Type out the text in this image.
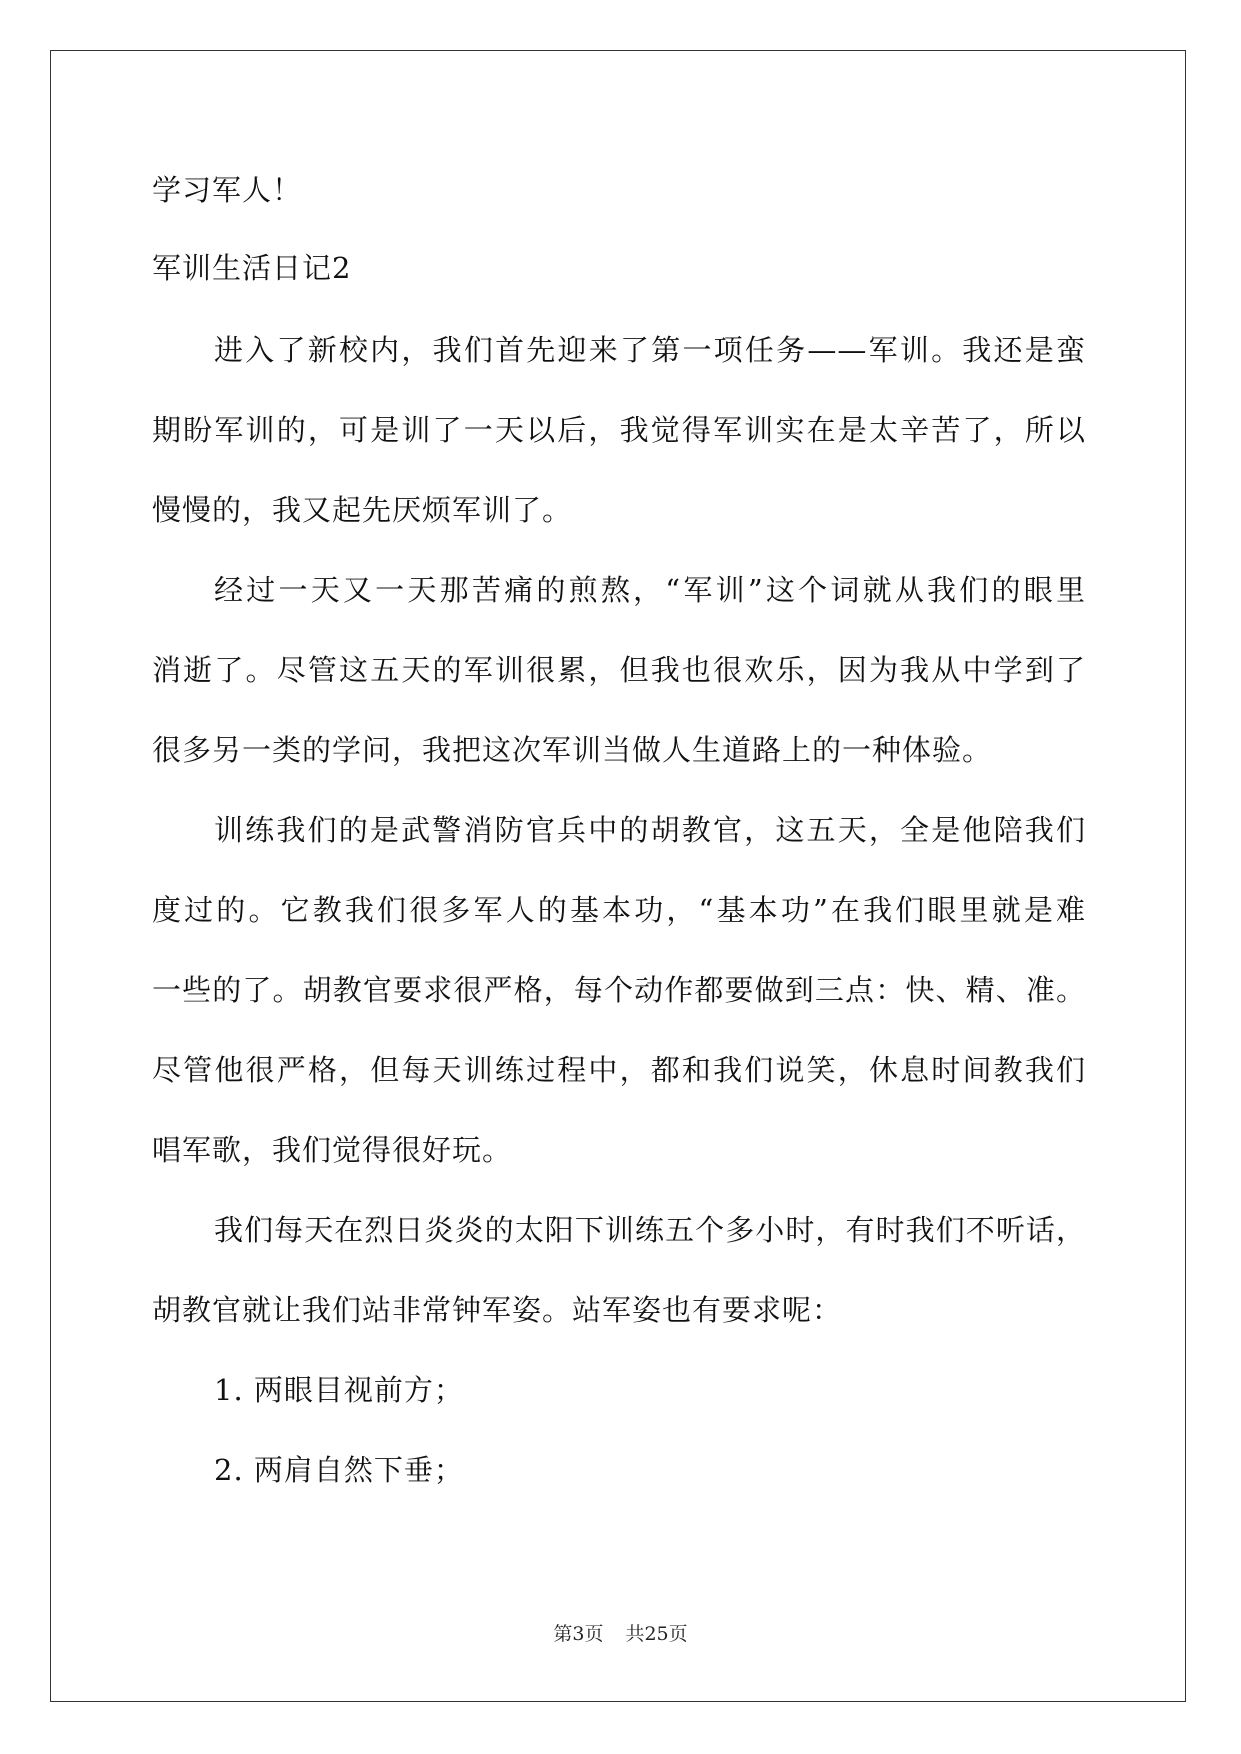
学习军人！
军训生活日记2
进入了新校内，我们首先迎来了第一项任务——军训。我还是蛮
期盼军训的，可是训了一天以后，我觉得军训实在是太辛苦了，所以
慢慢的，我又起先厌烦军训了。
经过一天又一天那苦痛的煎熬，“军训”这个词就从我们的眼里
消逝了。尽管这五天的军训很累，但我也很欢乐，因为我从中学到了
很多另一类的学问，我把这次军训当做人生道路上的一种体验。
训练我们的是武警消防官兵中的胡教官，这五天，全是他陪我们
度过的。它教我们很多军人的基本功，“基本功”在我们眼里就是难
一些的了。胡教官要求很严格，每个动作都要做到三点：快、精、准。
尽管他很严格，但每天训练过程中，都和我们说笑，休息时间教我们
唱军歌，我们觉得很好玩。
我们每天在烈日炎炎的太阳下训练五个多小时，有时我们不听话，
胡教官就让我们站非常钟军姿。站军姿也有要求呢：
1. 两眼目视前方；
2. 两肩自然下垂；
第3页 共25页
